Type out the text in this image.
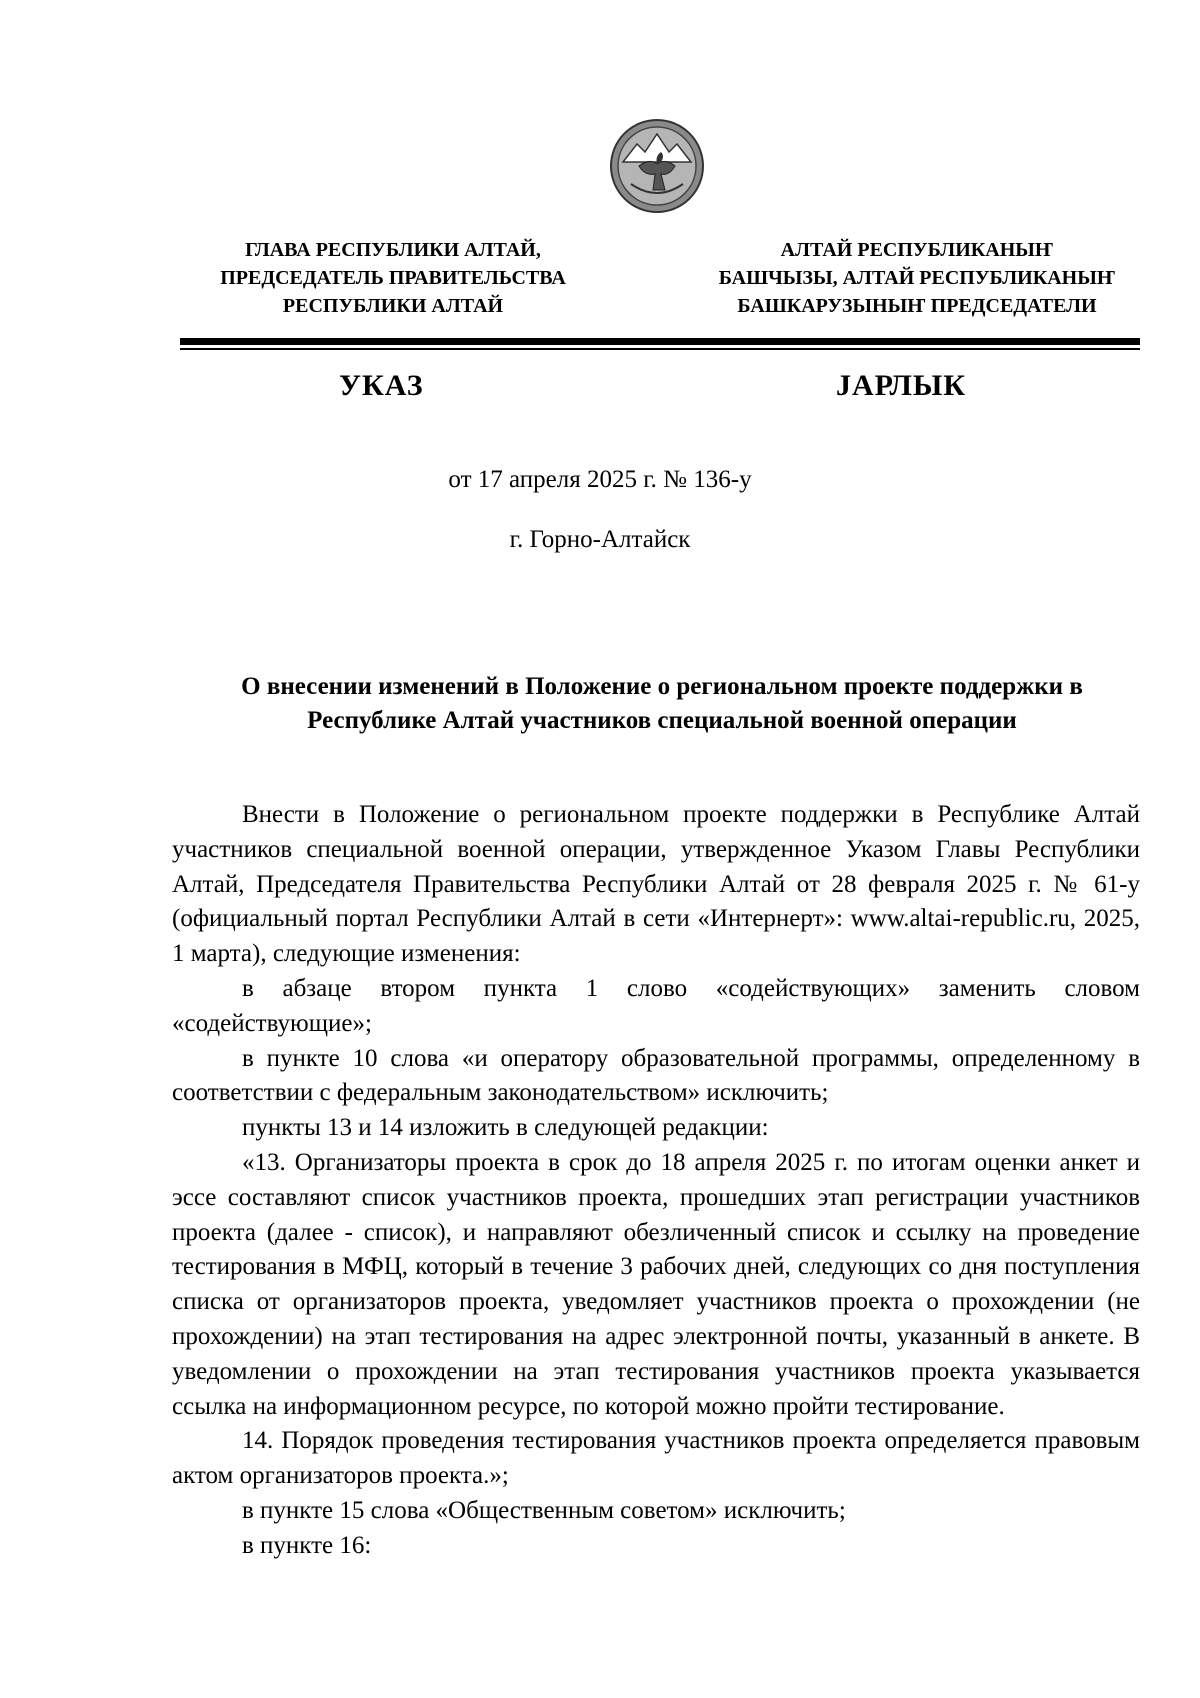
ГЛАВА РЕСПУБЛИКИ АЛТАЙ,
ПРЕДСЕДАТЕЛЬ ПРАВИТЕЛЬСТВА
РЕСПУБЛИКИ АЛТАЙ
АЛТАЙ РЕСПУБЛИКАНЫҤ
БАШЧЫЗЫ, АЛТАЙ РЕСПУБЛИКАНЫҤ
БАШКАРУЗЫНЫҤ ПРЕДСЕДАТЕЛИ
УКАЗ	JАРЛЫК
от 17 апреля 2025 г. № 136-у
г. Горно-Алтайск
О внесении изменений в Положение о региональном проекте поддержки в
Республике Алтай участников специальной военной операции

Внести в Положение о региональном проекте поддержки в Республике Алтай участников специальной военной операции, утвержденное Указом Главы Республики Алтай, Председателя Правительства Республики Алтай от 28 февраля 2025 г. № 61-у (официальный портал Республики Алтай в сети «Интернерт»: www.altai-republic.ru, 2025, 1 марта), следующие изменения:

в абзаце втором пункта 1 слово «содействующих» заменить словом «содействующие»;

в пункте 10 слова «и оператору образовательной программы, определенному в соответствии с федеральным законодательством» исключить;

пункты 13 и 14 изложить в следующей редакции:

«13. Организаторы проекта в срок до 18 апреля 2025 г. по итогам оценки анкет и эссе составляют список участников проекта, прошедших этап регистрации участников проекта (далее - список), и направляют обезличенный список и ссылку на проведение тестирования в МФЦ, который в течение 3 рабочих дней, следующих со дня поступления списка от организаторов проекта, уведомляет участников проекта о прохождении (не прохождении) на этап тестирования на адрес электронной почты, указанный в анкете. В уведомлении о прохождении на этап тестирования участников проекта указывается ссылка на информационном ресурсе, по которой можно пройти тестирование.

14. Порядок проведения тестирования участников проекта определяется правовым актом организаторов проекта.»;

в пункте 15 слова «Общественным советом» исключить;

в пункте 16:
